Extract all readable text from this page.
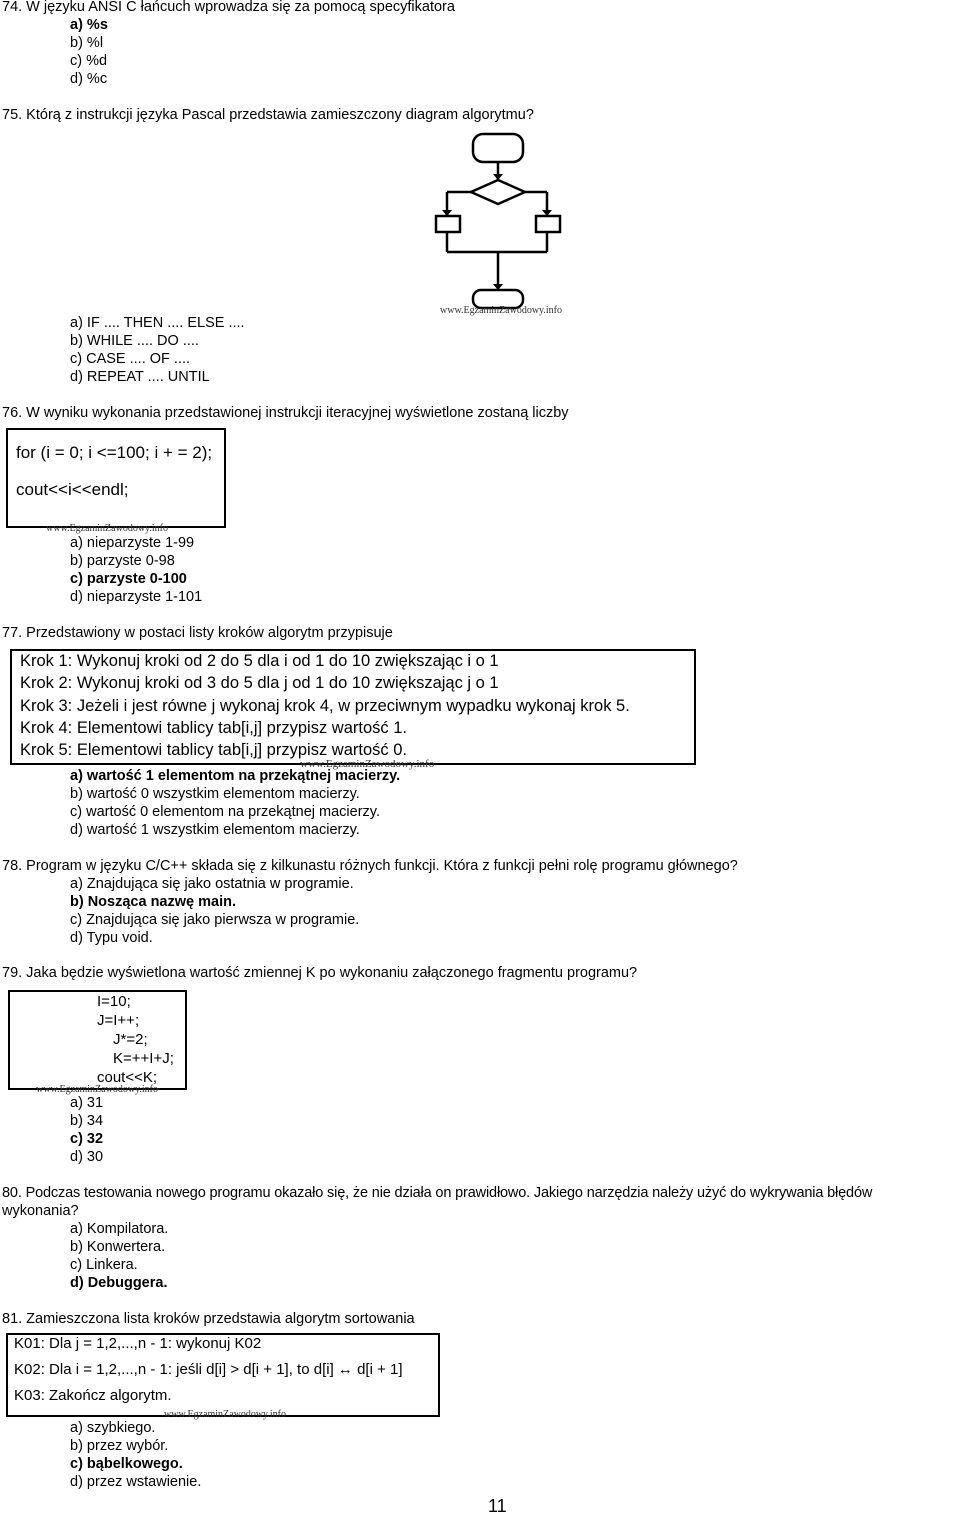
74. W języku ANSI C łańcuch wprowadza się za pomocą specyfikatora
a) %s
b) %l
c) %d
d) %c
75. Którą z instrukcji języka Pascal przedstawia zamieszczony diagram algorytmu?
www.EgzaminZawodowy.info
a) IF .... THEN .... ELSE ....
b) WHILE .... DO ....
c) CASE .... OF ....
d) REPEAT .... UNTIL
76. W wyniku wykonania przedstawionej instrukcji iteracyjnej wyświetlone zostaną liczby
for (i = 0; i <=100; i + = 2);
cout<<i<<endl;
www.EgzaminZawodowy.info
a) nieparzyste 1-99
b) parzyste 0-98
c) parzyste 0-100
d) nieparzyste 1-101
77. Przedstawiony w postaci listy kroków algorytm przypisuje
Krok 1: Wykonuj kroki od 2 do 5 dla i od 1 do 10 zwiększając i o 1
Krok 2: Wykonuj kroki od 3 do 5 dla j od 1 do 10 zwiększając j o 1
Krok 3: Jeżeli i jest równe j wykonaj krok 4, w przeciwnym wypadku wykonaj krok 5.
Krok 4: Elementowi tablicy tab[i,j] przypisz wartość 1.
Krok 5: Elementowi tablicy tab[i,j] przypisz wartość 0.
www.EgzaminZawodowy.info
a) wartość 1 elementom na przekątnej macierzy.
b) wartość 0 wszystkim elementom macierzy.
c) wartość 0 elementom na przekątnej macierzy.
d) wartość 1 wszystkim elementom macierzy.
78. Program w języku C/C++ składa się z kilkunastu różnych funkcji. Która z funkcji pełni rolę programu głównego?
a) Znajdująca się jako ostatnia w programie.
b) Nosząca nazwę main.
c) Znajdująca się jako pierwsza w programie.
d) Typu void.
79. Jaka będzie wyświetlona wartość zmiennej K po wykonaniu załączonego fragmentu programu?
I=10;
J=I++;
J*=2;
K=++I+J;
cout<<K;
www.EgzaminZawodowy.info
a) 31
b) 34
c) 32
d) 30
80. Podczas testowania nowego programu okazało się, że nie działa on prawidłowo. Jakiego narzędzia należy użyć do wykrywania błędów
wykonania?
a) Kompilatora.
b) Konwertera.
c) Linkera.
d) Debuggera.
81. Zamieszczona lista kroków przedstawia algorytm sortowania
K01: Dla j = 1,2,...,n - 1: wykonuj K02
K02: Dla i = 1,2,...,n - 1: jeśli d[i] > d[i + 1], to d[i] ↔ d[i + 1]
K03: Zakończ algorytm.
www.EgzaminZawodowy.info
a) szybkiego.
b) przez wybór.
c) bąbelkowego.
d) przez wstawienie.
11
